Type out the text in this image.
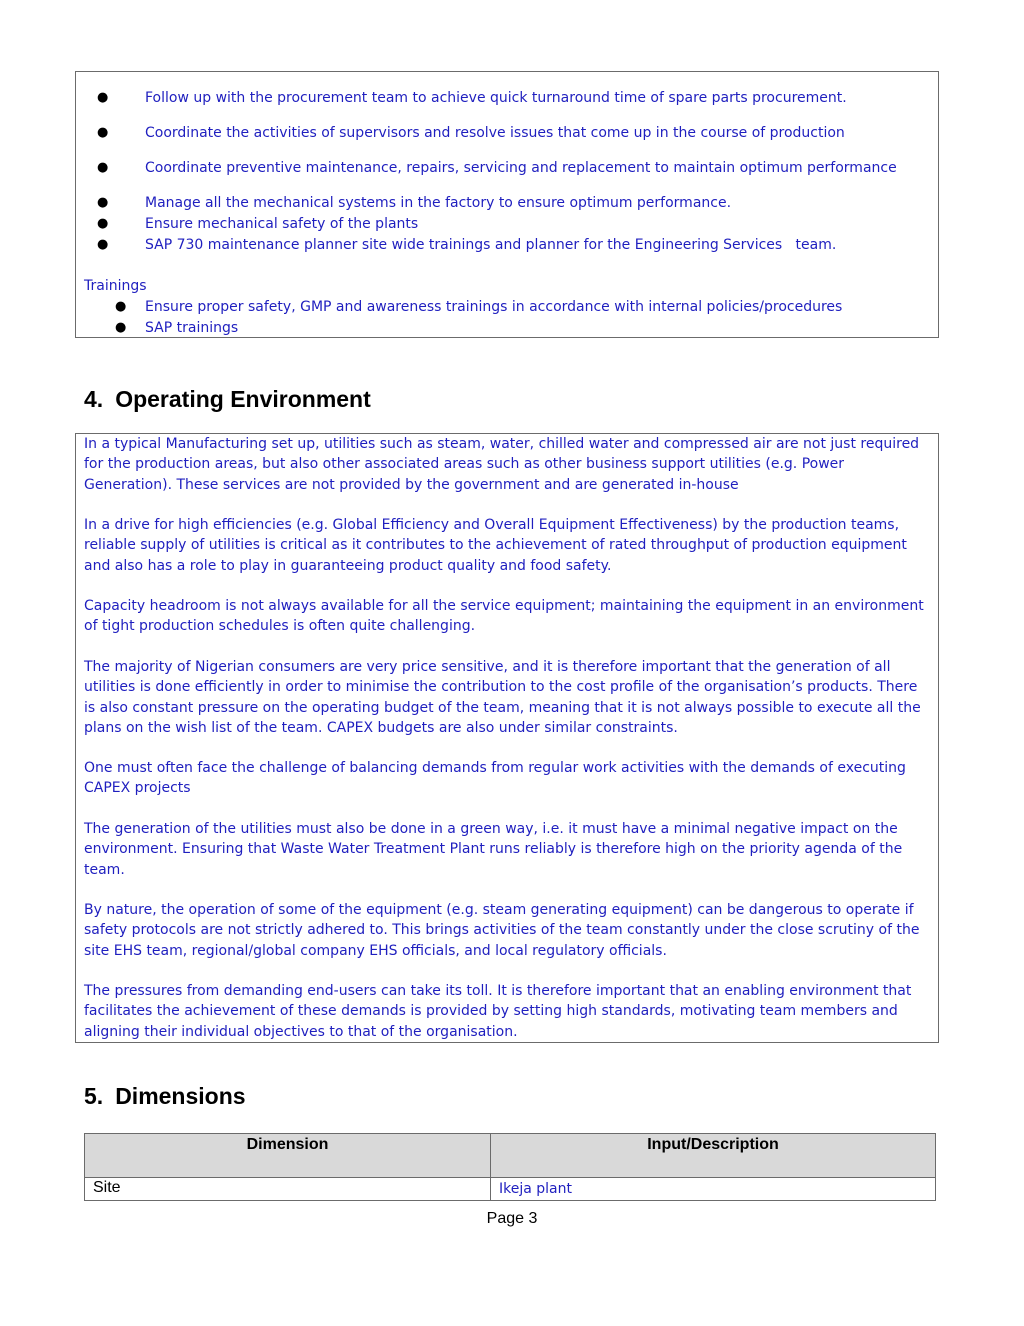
●	Follow up with the procurement team to achieve quick turnaround time of spare parts procurement.
●	Coordinate the activities of supervisors and resolve issues that come up in the course of production
●	Coordinate preventive maintenance, repairs, servicing and replacement to maintain optimum performance
●	Manage all the mechanical systems in the factory to ensure optimum performance.
●	Ensure mechanical safety of the plants
●	SAP 730 maintenance planner site wide trainings and planner for the Engineering Services   team.
Trainings
● Ensure proper safety, GMP and awareness trainings in accordance with internal policies/procedures
● SAP trainings
4. Operating Environment

In a typical Manufacturing set up, utilities such as steam, water, chilled water and compressed air are not just required for the production areas, but also other associated areas such as other business support utilities (e.g. Power Generation). These services are not provided by the government and are generated in-house

In a drive for high efficiencies (e.g. Global Efficiency and Overall Equipment Effectiveness) by the production teams, reliable supply of utilities is critical as it contributes to the achievement of rated throughput of production equipment and also has a role to play in guaranteeing product quality and food safety.

Capacity headroom is not always available for all the service equipment; maintaining the equipment in an environment of tight production schedules is often quite challenging.

The majority of Nigerian consumers are very price sensitive, and it is therefore important that the generation of all utilities is done efficiently in order to minimise the contribution to the cost profile of the organisation’s products. There is also constant pressure on the operating budget of the team, meaning that it is not always possible to execute all the plans on the wish list of the team. CAPEX budgets are also under similar constraints.

One must often face the challenge of balancing demands from regular work activities with the demands of executing CAPEX projects

The generation of the utilities must also be done in a green way, i.e. it must have a minimal negative impact on the environment. Ensuring that Waste Water Treatment Plant runs reliably is therefore high on the priority agenda of the team.

By nature, the operation of some of the equipment (e.g. steam generating equipment) can be dangerous to operate if safety protocols are not strictly adhered to. This brings activities of the team constantly under the close scrutiny of the site EHS team, regional/global company EHS officials, and local regulatory officials.

The pressures from demanding end-users can take its toll. It is therefore important that an enabling environment that facilitates the achievement of these demands is provided by setting high standards, motivating team members and aligning their individual objectives to that of the organisation.

5. Dimensions
Dimension	Input/Description
Site	Ikeja plant
Page 3
